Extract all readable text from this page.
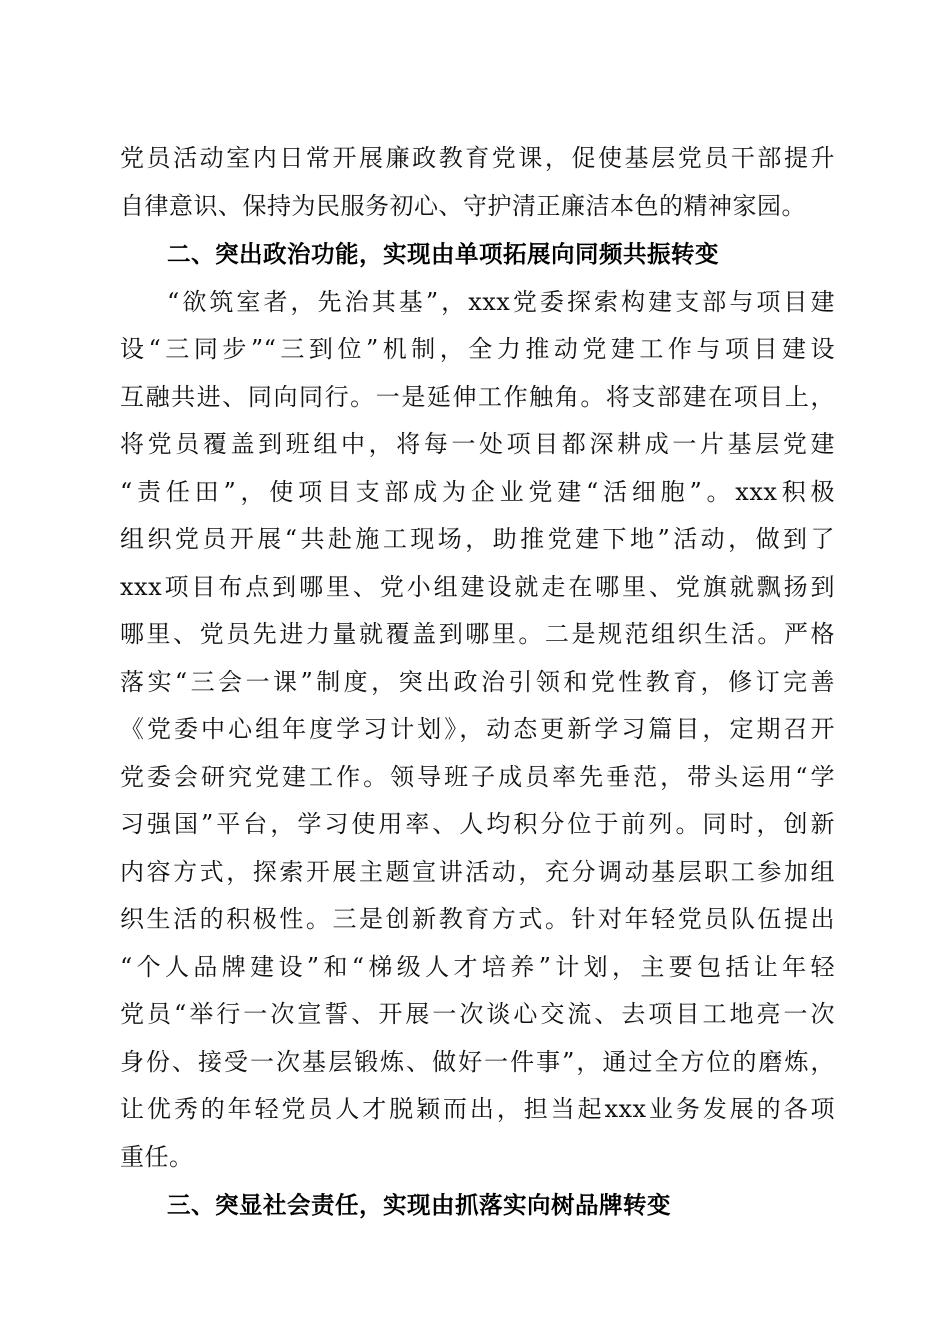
党员活动室内日常开展廉政教育党课，促使基层党员干部提升
自律意识、保持为民服务初心、守护清正廉洁本色的精神家园。
二、突出政治功能，实现由单项拓展向同频共振转变
“欲筑室者，先治其基”，xxx党委探索构建支部与项目建
设“三同步”“三到位”机制，全力推动党建工作与项目建设
互融共进、同向同行。一是延伸工作触角。将支部建在项目上，
将党员覆盖到班组中，将每一处项目都深耕成一片基层党建
“责任田”，使项目支部成为企业党建“活细胞”。xxx积极
组织党员开展“共赴施工现场，助推党建下地”活动，做到了
xxx项目布点到哪里、党小组建设就走在哪里、党旗就飘扬到
哪里、党员先进力量就覆盖到哪里。二是规范组织生活。严格
落实“三会一课”制度，突出政治引领和党性教育，修订完善
《党委中心组年度学习计划》，动态更新学习篇目，定期召开
党委会研究党建工作。领导班子成员率先垂范，带头运用“学
习强国”平台，学习使用率、人均积分位于前列。同时，创新
内容方式，探索开展主题宣讲活动，充分调动基层职工参加组
织生活的积极性。三是创新教育方式。针对年轻党员队伍提出
“个人品牌建设”和“梯级人才培养”计划，主要包括让年轻
党员“举行一次宣誓、开展一次谈心交流、去项目工地亮一次
身份、接受一次基层锻炼、做好一件事”，通过全方位的磨炼，
让优秀的年轻党员人才脱颖而出，担当起xxx业务发展的各项
重任。
三、突显社会责任，实现由抓落实向树品牌转变
